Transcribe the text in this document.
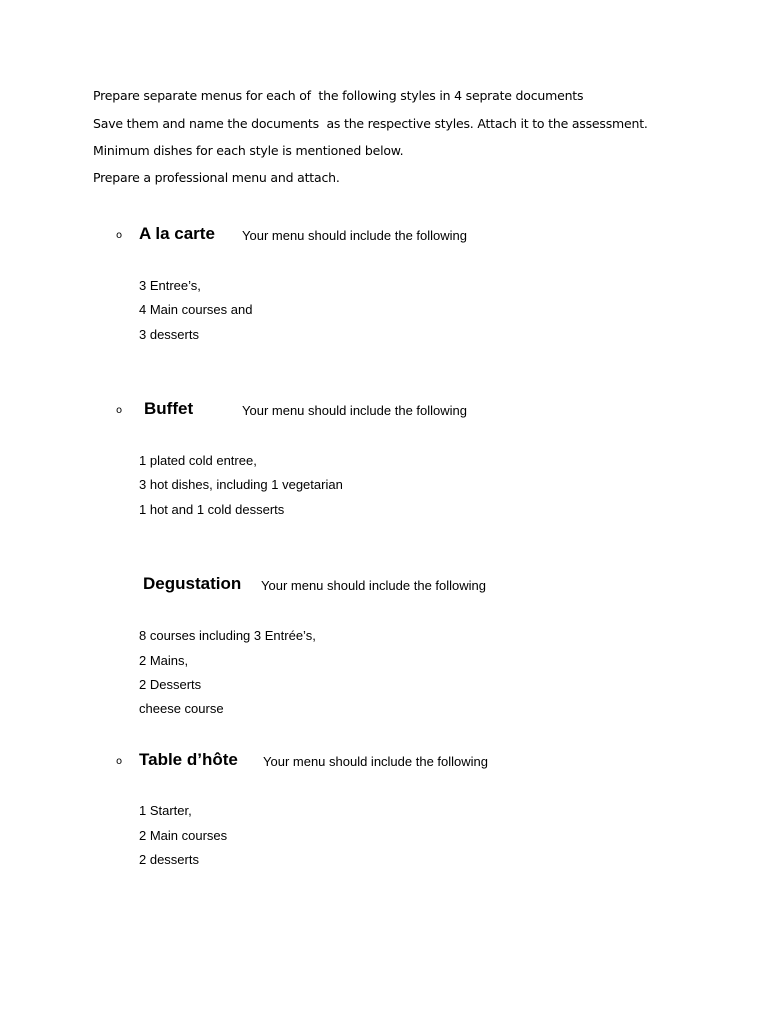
Prepare separate menus for each of  the following styles in 4 seprate documents
Save them and name the documents  as the respective styles. Attach it to the assessment.
Minimum dishes for each style is mentioned below.
Prepare a professional menu and attach.
o A la carte Your menu should include the following
3 Entree’s,
4 Main courses and
3 desserts
o Buffet	Your menu should include the following
1 plated cold entree,
3 hot dishes, including 1 vegetarian
1 hot and 1 cold desserts
Degustation Your menu should include the following
8 courses including 3 Entrée’s,
2 Mains,
2 Desserts
cheese course
o Table d’hôte Your menu should include the following
1 Starter,
2 Main courses
2 desserts
